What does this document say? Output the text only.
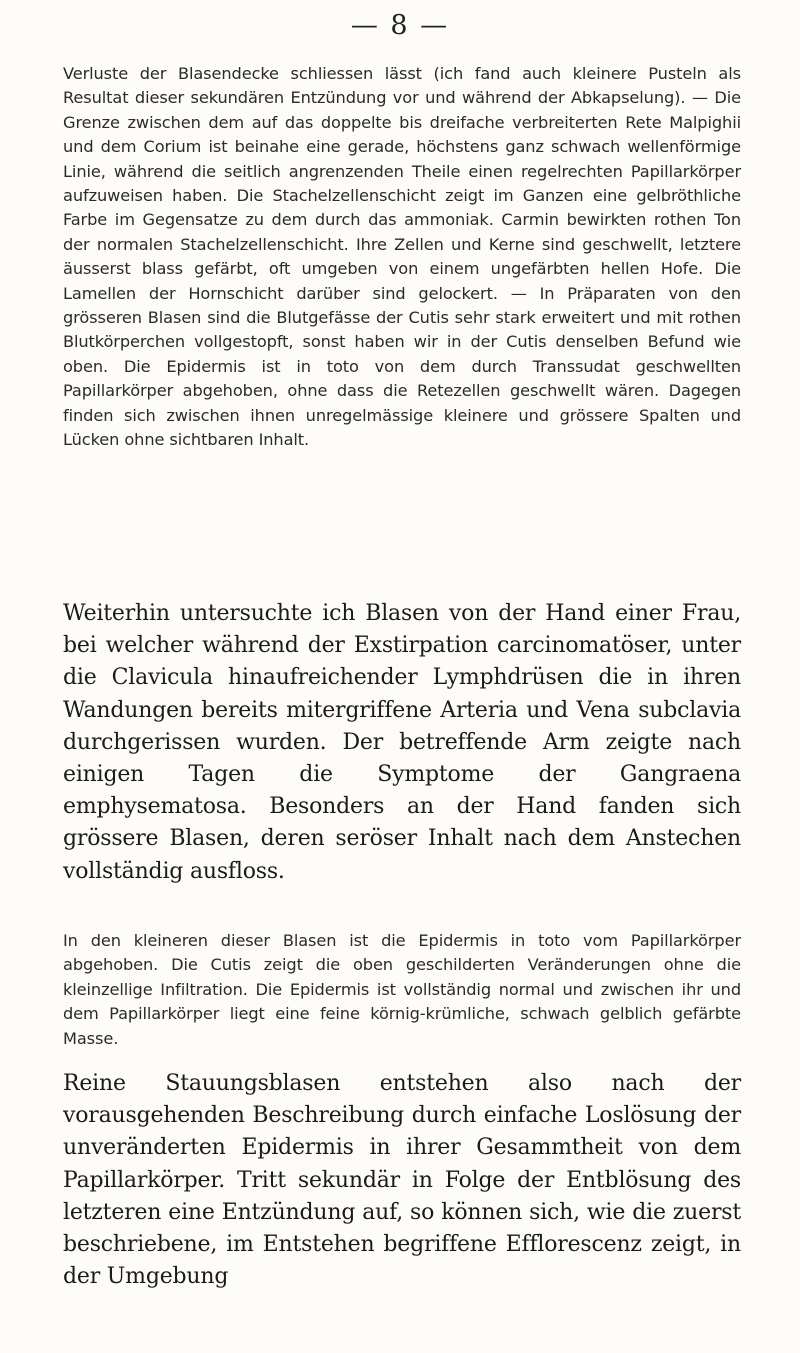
— 8 —

Verluste der Blasendecke schliessen lässt (ich fand auch kleinere Pusteln als Resultat dieser sekundären Entzündung vor und während der Abkapselung). — Die Grenze zwischen dem auf das doppelte bis dreifache verbreiterten Rete Malpighii und dem Corium ist beinahe eine gerade, höchstens ganz schwach wellenförmige Linie, während die seitlich angrenzenden Theile einen regelrechten Papillarkörper aufzuweisen haben. Die Stachelzellenschicht zeigt im Ganzen eine gelbröthliche Farbe im Gegensatze zu dem durch das ammoniak. Carmin bewirkten rothen Ton der normalen Stachelzellenschicht. Ihre Zellen und Kerne sind geschwellt, letztere äusserst blass gefärbt, oft umgeben von einem ungefärbten hellen Hofe. Die Lamellen der Hornschicht darüber sind gelockert. — In Präparaten von den grösseren Blasen sind die Blutgefässe der Cutis sehr stark erweitert und mit rothen Blutkörperchen vollgestopft, sonst haben wir in der Cutis denselben Befund wie oben. Die Epidermis ist in toto von dem durch Transsudat geschwellten Papillarkörper abgehoben, ohne dass die Retezellen geschwellt wären. Dagegen finden sich zwischen ihnen unregelmässige kleinere und grössere Spalten und Lücken ohne sichtbaren Inhalt.

Weiterhin untersuchte ich Blasen von der Hand einer Frau, bei welcher während der Exstirpation carcinomatöser, unter die Clavicula hinaufreichender Lymphdrüsen die in ihren Wandungen bereits mitergriffene Arteria und Vena subclavia durchgerissen wurden. Der betreffende Arm zeigte nach einigen Tagen die Symptome der Gangraena emphysematosa. Besonders an der Hand fanden sich grössere Blasen, deren seröser Inhalt nach dem Anstechen vollständig ausfloss.

In den kleineren dieser Blasen ist die Epidermis in toto vom Papillarkörper abgehoben. Die Cutis zeigt die oben geschilderten Veränderungen ohne die kleinzellige Infiltration. Die Epidermis ist vollständig normal und zwischen ihr und dem Papillarkörper liegt eine feine körnig-krümliche, schwach gelblich gefärbte Masse.

Reine Stauungsblasen entstehen also nach der vorausgehenden Beschreibung durch einfache Loslösung der unveränderten Epidermis in ihrer Gesammtheit von dem Papillarkörper. Tritt sekundär in Folge der Entblösung des letzteren eine Entzündung auf, so können sich, wie die zuerst beschriebene, im Entstehen begriffene Efflorescenz zeigt, in der Umgebung
